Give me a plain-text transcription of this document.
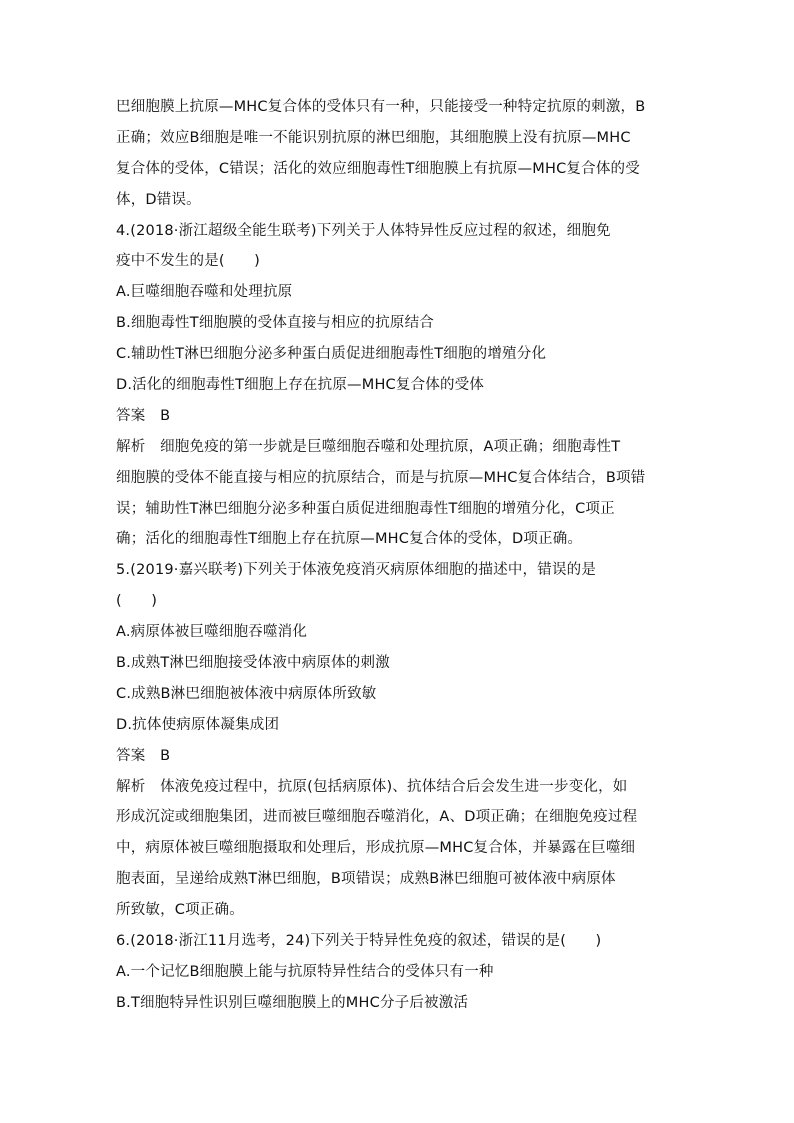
巴细胞膜上抗原—MHC复合体的受体只有一种，只能接受一种特定抗原的刺激，B
正确；效应B细胞是唯一不能识别抗原的淋巴细胞，其细胞膜上没有抗原—MHC
复合体的受体，C错误；活化的效应细胞毒性T细胞膜上有抗原—MHC复合体的受
体，D错误。
4.(2018·浙江超级全能生联考)下列关于人体特异性反应过程的叙述，细胞免
疫中不发生的是(　　)
A.巨噬细胞吞噬和处理抗原
B.细胞毒性T细胞膜的受体直接与相应的抗原结合
C.辅助性T淋巴细胞分泌多种蛋白质促进细胞毒性T细胞的增殖分化
D.活化的细胞毒性T细胞上存在抗原—MHC复合体的受体
答案　B
解析　细胞免疫的第一步就是巨噬细胞吞噬和处理抗原，A项正确；细胞毒性T
细胞膜的受体不能直接与相应的抗原结合，而是与抗原—MHC复合体结合，B项错
误；辅助性T淋巴细胞分泌多种蛋白质促进细胞毒性T细胞的增殖分化，C项正
确；活化的细胞毒性T细胞上存在抗原—MHC复合体的受体，D项正确。
5.(2019·嘉兴联考)下列关于体液免疫消灭病原体细胞的描述中，错误的是
(　　)
A.病原体被巨噬细胞吞噬消化
B.成熟T淋巴细胞接受体液中病原体的刺激
C.成熟B淋巴细胞被体液中病原体所致敏
D.抗体使病原体凝集成团
答案　B
解析　体液免疫过程中，抗原(包括病原体)、抗体结合后会发生进一步变化，如
形成沉淀或细胞集团，进而被巨噬细胞吞噬消化，A、D项正确；在细胞免疫过程
中，病原体被巨噬细胞摄取和处理后，形成抗原—MHC复合体，并暴露在巨噬细
胞表面，呈递给成熟T淋巴细胞，B项错误；成熟B淋巴细胞可被体液中病原体
所致敏，C项正确。
6.(2018·浙江11月选考，24)下列关于特异性免疫的叙述，错误的是(　　)
A.一个记忆B细胞膜上能与抗原特异性结合的受体只有一种
B.T细胞特异性识别巨噬细胞膜上的MHC分子后被激活
